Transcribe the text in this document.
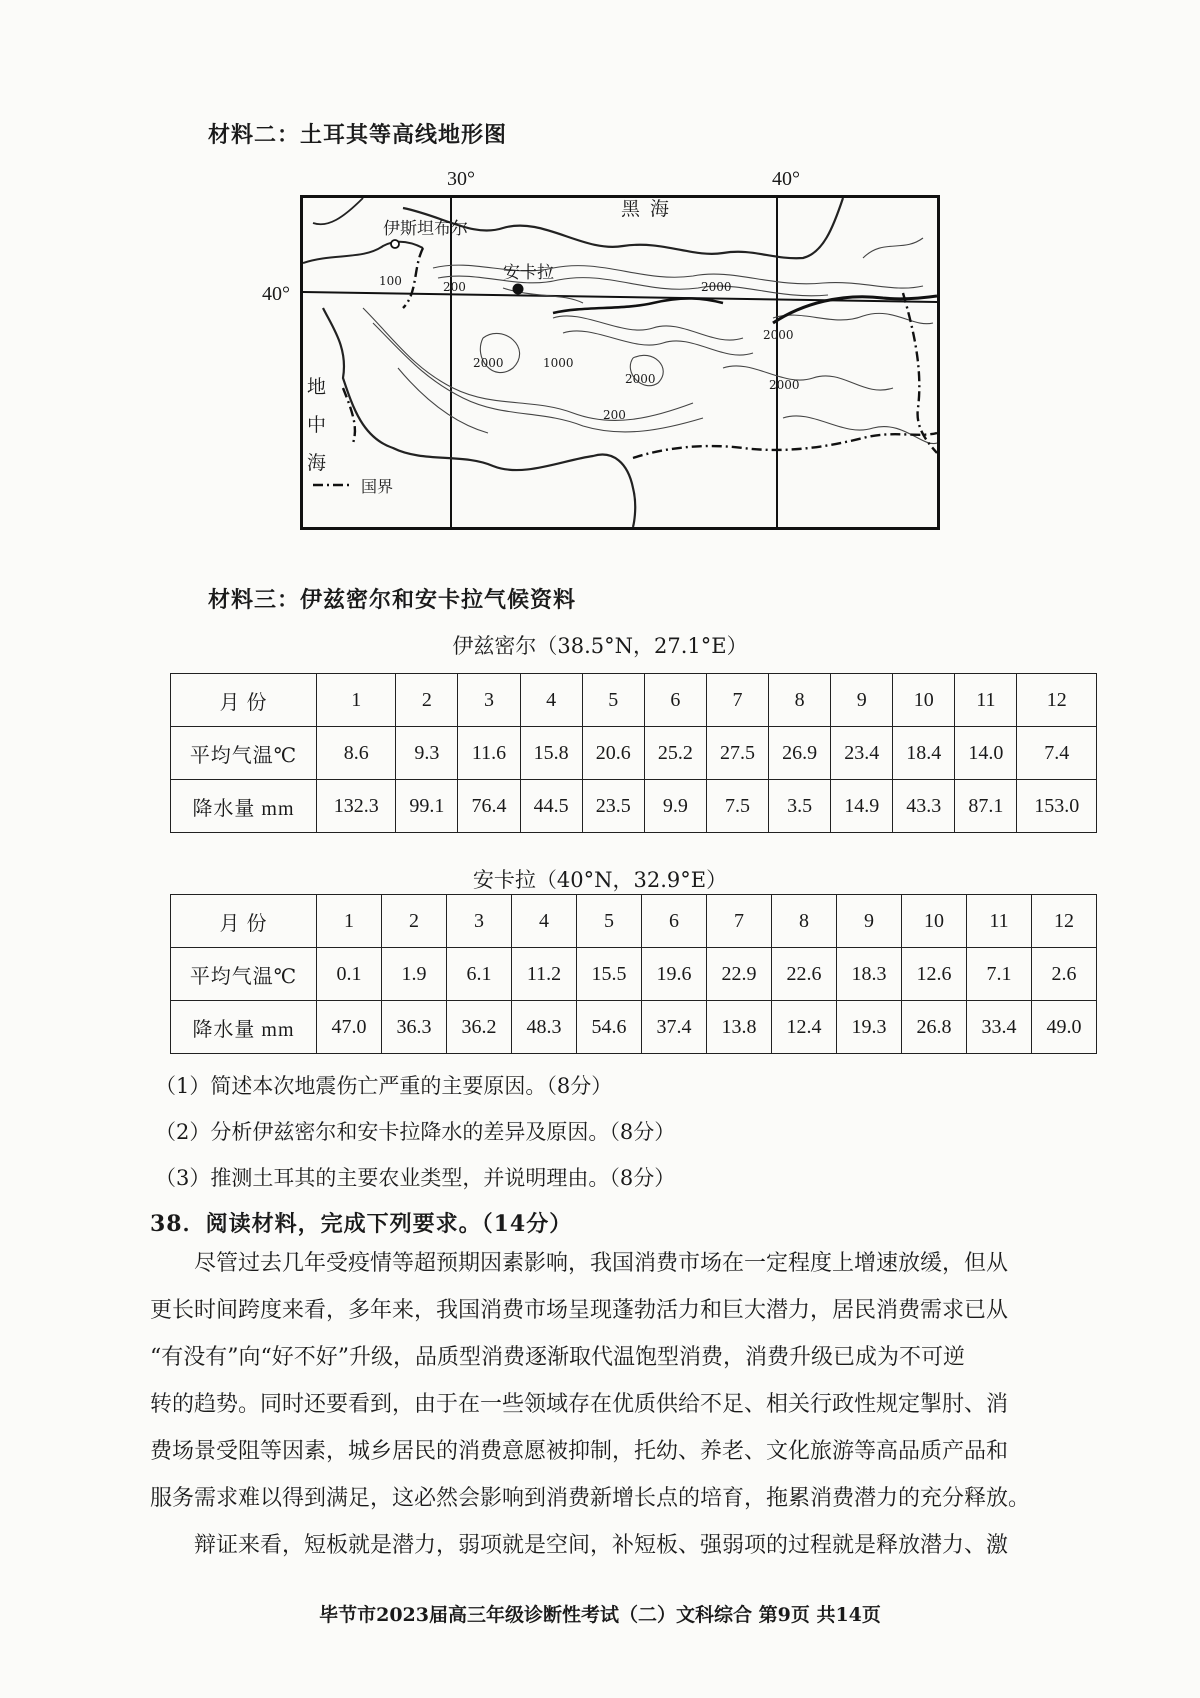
材料二：土耳其等高线地形图
30°	40°
40°
黑 海
伊斯坦布尔
安卡拉
地
中
海
100	200	2000
2000
2000	1000
2000
200
2000
国界
材料三：伊兹密尔和安卡拉气候资料
伊兹密尔（38.5°N，27.1°E）
月 份	1	2	3	4	5	6	7	8	9	10	11	12
平均气温℃	8.6	9.3	11.6	15.8	20.6	25.2	27.5	26.9	23.4	18.4	14.0	7.4
降水量 mm	132.3	99.1	76.4	44.5	23.5	9.9	7.5	3.5	14.9	43.3	87.1	153.0
安卡拉（40°N，32.9°E）
月 份	1	2	3	4	5	6	7	8	9	10	11	12
平均气温℃	0.1	1.9	6.1	11.2	15.5	19.6	22.9	22.6	18.3	12.6	7.1	2.6
降水量 mm	47.0	36.3	36.2	48.3	54.6	37.4	13.8	12.4	19.3	26.8	33.4	49.0
（1）简述本次地震伤亡严重的主要原因。（8分）
（2）分析伊兹密尔和安卡拉降水的差异及原因。（8分）
（3）推测土耳其的主要农业类型，并说明理由。（8分）
38．阅读材料，完成下列要求。（14分）
尽管过去几年受疫情等超预期因素影响，我国消费市场在一定程度上增速放缓，但从
更长时间跨度来看，多年来，我国消费市场呈现蓬勃活力和巨大潜力，居民消费需求已从
“有没有”向“好不好”升级，品质型消费逐渐取代温饱型消费，消费升级已成为不可逆
转的趋势。同时还要看到，由于在一些领域存在优质供给不足、相关行政性规定掣肘、消
费场景受阻等因素，城乡居民的消费意愿被抑制，托幼、养老、文化旅游等高品质产品和
服务需求难以得到满足，这必然会影响到消费新增长点的培育，拖累消费潜力的充分释放。
辩证来看，短板就是潜力，弱项就是空间，补短板、强弱项的过程就是释放潜力、激
毕节市2023届高三年级诊断性考试（二）文科综合 第9页 共14页
